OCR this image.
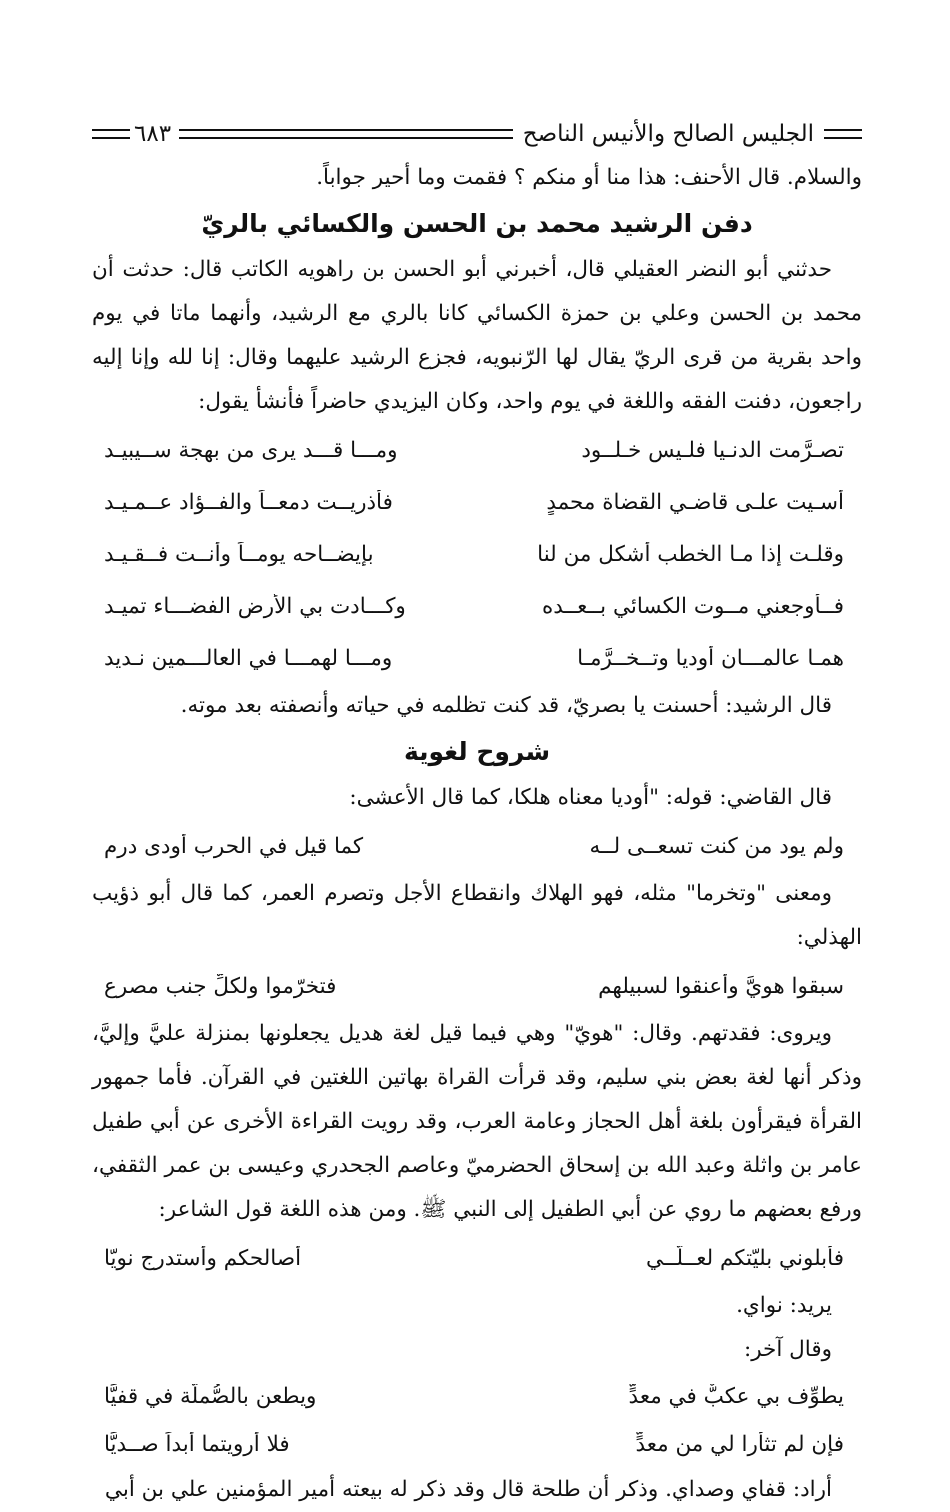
الجليس الصالح والأنيس الناصح
٦٨٣

والسلام. قال الأحنف: هذا منا أو منكم ؟ فقمت وما أحير جواباً.

دفن الرشيد محمد بن الحسن والكسائي بالريّ

حدثني أبو النضر العقيلي قال، أخبرني أبو الحسن بن راهويه الكاتب قال: حدثت أن محمد بن الحسن وعلي بن حمزة الكسائي كانا بالري مع الرشيد، وأنهما ماتا في يوم واحد بقرية من قرى الريّ يقال لها الرّنبويه، فجزع الرشيد عليهما وقال: إنا لله وإنا إليه راجعون، دفنت الفقه واللغة في يوم واحد، وكان اليزيدي حاضراً فأنشأ يقول:

تصـرَّمت الدنـيا فلـيس خـلــود
ومـــا قـــد يرى من بهجة ســيبيـد
أسـيت علـى قاضـي القضاة محمدٍ
فأذريــت دمعــاً والفــؤاد عــمـيـد
وقلـت إذا مـا الخطب أشكل من لنا
بإيضــاحه يومــاً وأنــت فــقـيـد
فــأوجعني مــوت الكسائي بــعــده
وكـــادت بي الأرض الفضـــاء تميـد
همـا عالمـــان أوديا وتــخــرَّمـا
ومـــا لهمـــا في العالـــمين نـديد

قال الرشيد: أحسنت يا بصريّ، قد كنت تظلمه في حياته وأنصفته بعد موته.

شروح لغوية

قال القاضي: قوله: "أوديا معناه هلكا، كما قال الأعشى:

ولم يود من كنت تسعــى لــه
كما قيل في الحرب أودى درم

ومعنى "وتخرما" مثله، فهو الهلاك وانقطاع الأجل وتصرم العمر، كما قال أبو ذؤيب الهذلي:

سبقوا هويَّ وأعنقوا لسبيلهم
فتخرّموا ولكلِّ جنب مصرع

ويروى: فقدتهم. وقال: "هويّ" وهي فيما قيل لغة هديل يجعلونها بمنزلة عليَّ وإليَّ، وذكر أنها لغة بعض بني سليم، وقد قرأت القراة بهاتين اللغتين في القرآن. فأما جمهور القرأة فيقرأون بلغة أهل الحجاز وعامة العرب، وقد رويت القراءة الأخرى عن أبي طفيل عامر بن واثلة وعبد الله بن إسحاق الحضرميّ وعاصم الجحدري وعيسى بن عمر الثقفي، ورفع بعضهم ما روي عن أبي الطفيل إلى النبي ﷺ. ومن هذه اللغة قول الشاعر:

فأبلوني بليّتكم لعــلّــي
أصالحكم وأستدرج نويّا

يريد: نواي.

وقال آخر:

يطوِّف بي عكبٌّ في معدٍّ
ويطعن بالصُّملّة في قفيًّا
فإن لم تثأرا لي من معدٍّ
فلا أرويتما أبداً صــديًّا

أراد: قفاي وصداي. وذكر أن طلحة قال وقد ذكر له بيعته أمير المؤمنين علي بن أبي
